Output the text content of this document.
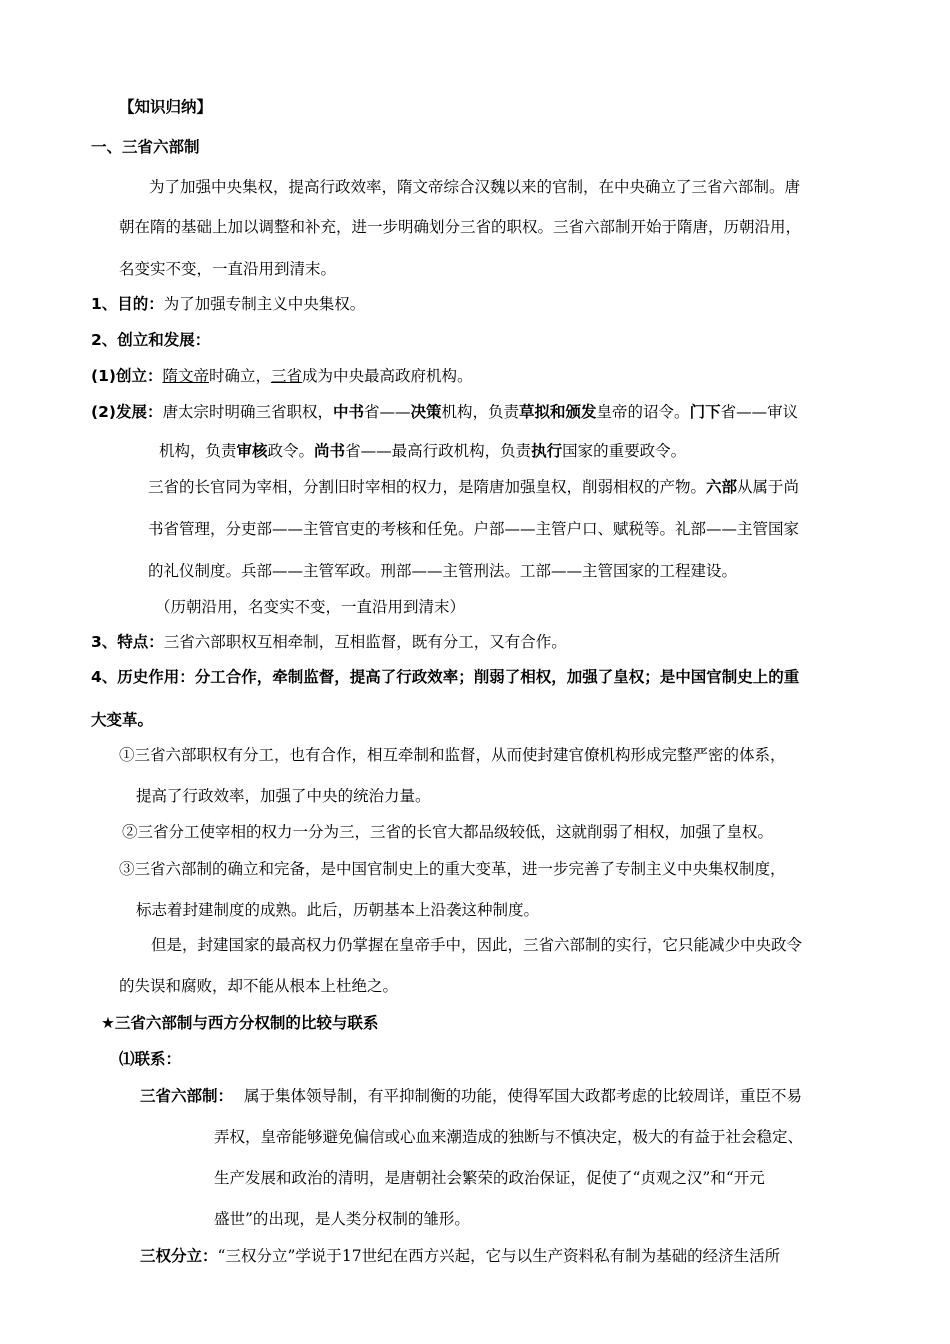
【知识归纳】
一、三省六部制
为了加强中央集权，提高行政效率，隋文帝综合汉魏以来的官制，在中央确立了三省六部制。唐
朝在隋的基础上加以调整和补充，进一步明确划分三省的职权。三省六部制开始于隋唐，历朝沿用，
名变实不变，一直沿用到清末。
1、目的：为了加强专制主义中央集权。
2、创立和发展：
(1)创立：隋文帝时确立，三省成为中央最高政府机构。
(2)发展：唐太宗时明确三省职权，中书省——决策机构，负责草拟和颁发皇帝的诏令。门下省——审议
机构，负责审核政令。尚书省——最高行政机构，负责执行国家的重要政令。
三省的长官同为宰相，分割旧时宰相的权力，是隋唐加强皇权，削弱相权的产物。六部从属于尚
书省管理，分吏部——主管官吏的考核和任免。户部——主管户口、赋税等。礼部——主管国家
的礼仪制度。兵部——主管军政。刑部——主管刑法。工部——主管国家的工程建设。
（历朝沿用，名变实不变，一直沿用到清末）
3、特点：三省六部职权互相牵制，互相监督，既有分工，又有合作。
4、历史作用：分工合作，牵制监督，提高了行政效率；削弱了相权，加强了皇权；是中国官制史上的重
大变革。
①三省六部职权有分工，也有合作，相互牵制和监督，从而使封建官僚机构形成完整严密的体系，
提高了行政效率，加强了中央的统治力量。
②三省分工使宰相的权力一分为三，三省的长官大都品级较低，这就削弱了相权，加强了皇权。
③三省六部制的确立和完备，是中国官制史上的重大变革，进一步完善了专制主义中央集权制度，
标志着封建制度的成熟。此后，历朝基本上沿袭这种制度。
但是，封建国家的最高权力仍掌握在皇帝手中，因此，三省六部制的实行，它只能减少中央政令
的失误和腐败，却不能从根本上杜绝之。
★三省六部制与西方分权制的比较与联系
⑴联系：
三省六部制： 属于集体领导制，有平抑制衡的功能，使得军国大政都考虑的比较周详，重臣不易
弄权，皇帝能够避免偏信或心血来潮造成的独断与不慎决定，极大的有益于社会稳定、
生产发展和政治的清明，是唐朝社会繁荣的政治保证，促使了“贞观之汉”和“开元
盛世”的出现，是人类分权制的雏形。
三权分立：“三权分立”学说于17世纪在西方兴起，它与以生产资料私有制为基础的经济生活所
